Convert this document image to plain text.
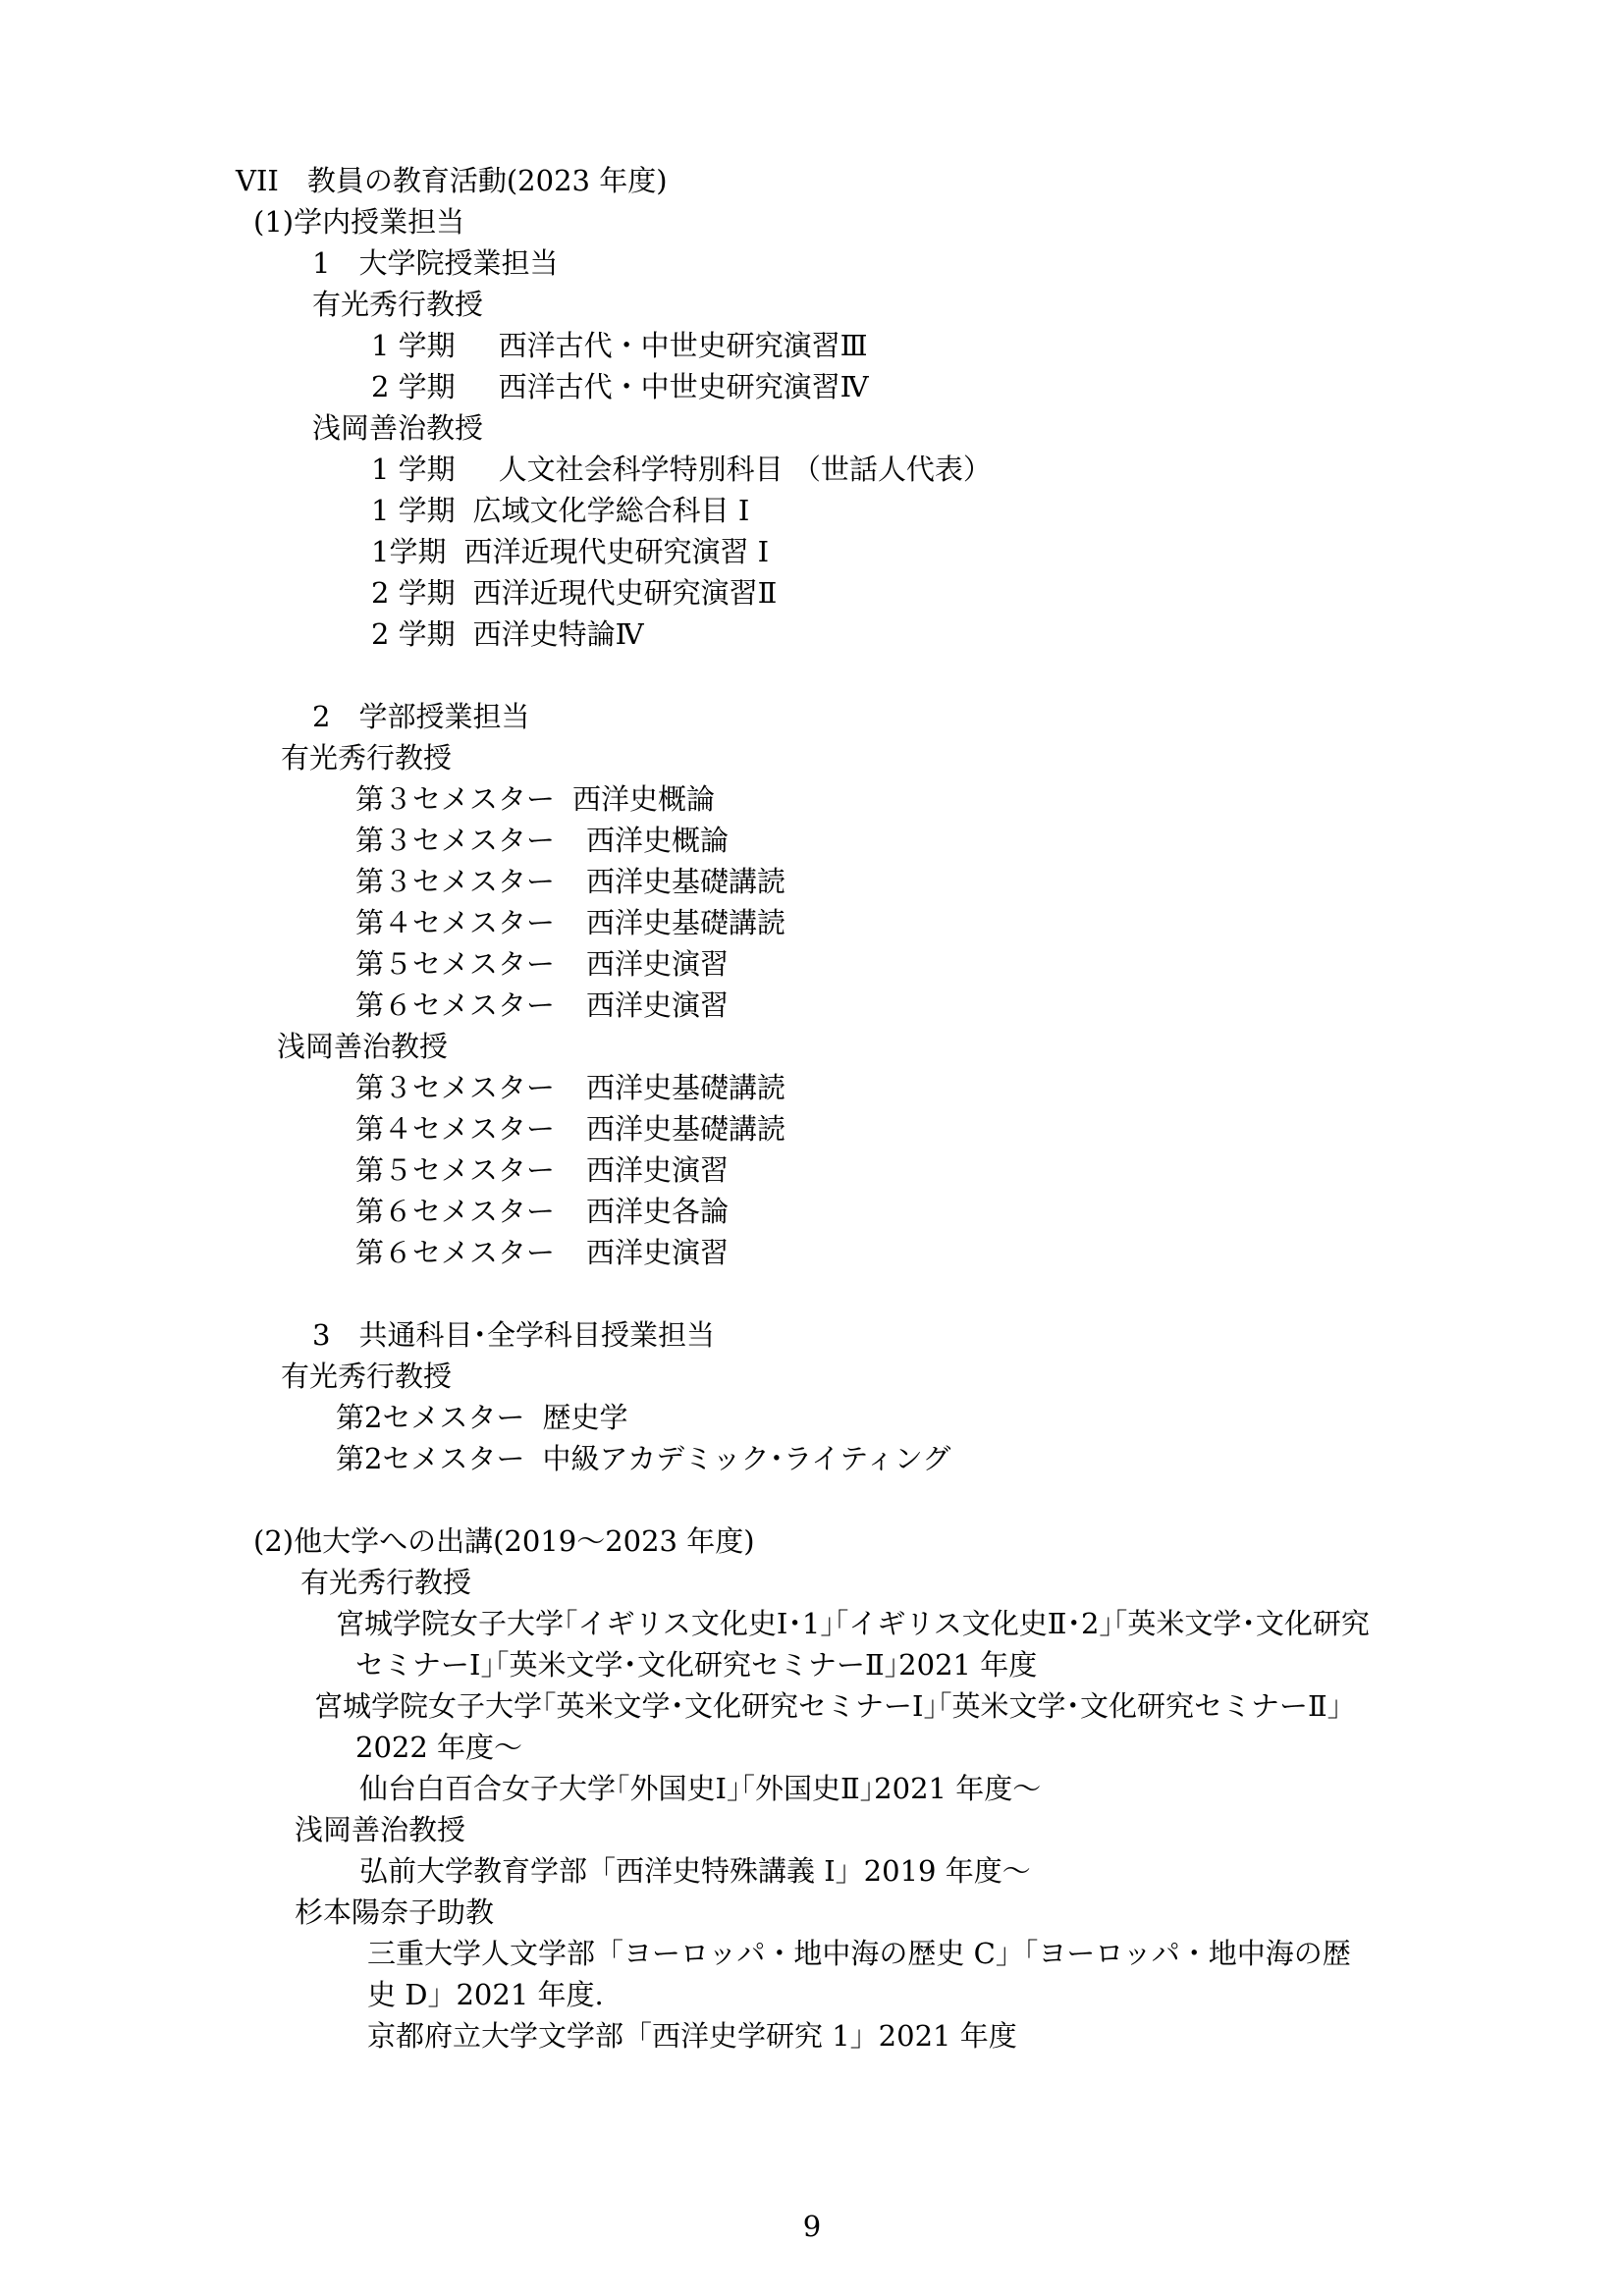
VII　教員の教育活動(2023 年度)
(1)学内授業担当
1　大学院授業担当
有光秀行教授
1 学期 西洋古代・中世史研究演習Ⅲ
2 学期 西洋古代・中世史研究演習Ⅳ
浅岡善治教授
1 学期 人文社会科学特別科目 （世話人代表）
1 学期 広域文化学総合科目 I
1学期 西洋近現代史研究演習 I
2 学期 西洋近現代史研究演習Ⅱ
2 学期 西洋史特論Ⅳ
2　学部授業担当
有光秀行教授
第３セメスター 西洋史概論
第３セメスター 西洋史概論
第３セメスター 西洋史基礎講読
第４セメスター 西洋史基礎講読
第５セメスター 西洋史演習
第６セメスター 西洋史演習
浅岡善治教授
第３セメスター 西洋史基礎講読
第４セメスター 西洋史基礎講読
第５セメスター 西洋史演習
第６セメスター 西洋史各論
第６セメスター 西洋史演習
3　共通科目･全学科目授業担当
有光秀行教授
第2セメスター 歴史学
第2セメスター 中級アカデミック･ライティング
(2)他大学への出講(2019～2023 年度)
有光秀行教授
宮城学院女子大学｢イギリス文化史Ⅰ･1｣｢イギリス文化史Ⅱ･2｣｢英米文学･文化研究
セミナーⅠ｣｢英米文学･文化研究セミナーⅡ｣2021 年度
宮城学院女子大学｢英米文学･文化研究セミナーⅠ｣｢英米文学･文化研究セミナーⅡ｣
2022 年度～
仙台白百合女子大学｢外国史Ⅰ｣｢外国史Ⅱ｣2021 年度～
浅岡善治教授
弘前大学教育学部「西洋史特殊講義 I」2019 年度～
杉本陽奈子助教
三重大学人文学部「ヨーロッパ・地中海の歴史 C」「ヨーロッパ・地中海の歴
史 D」2021 年度.
京都府立大学文学部「西洋史学研究 1」2021 年度
9
